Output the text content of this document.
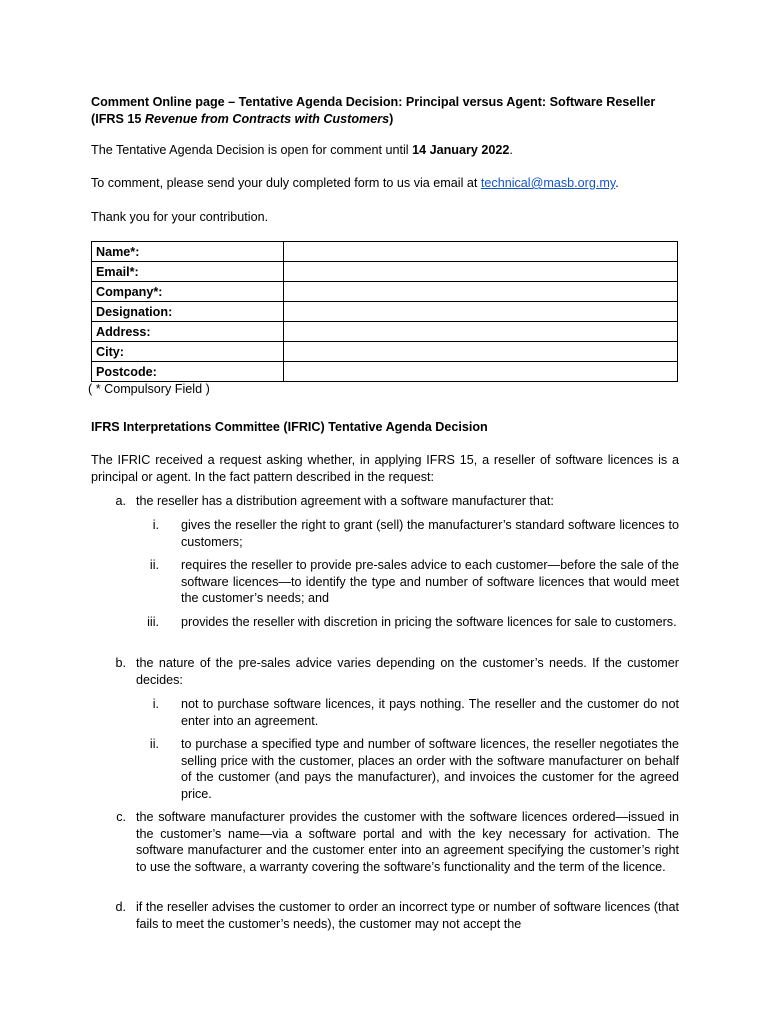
Comment Online page – Tentative Agenda Decision: Principal versus Agent: Software Reseller (IFRS 15 Revenue from Contracts with Customers)
The Tentative Agenda Decision is open for comment until 14 January 2022.
To comment, please send your duly completed form to us via email at technical@masb.org.my.
Thank you for your contribution.
Name*:	
Email*:	
Company*:	
Designation:	
Address:	
City:	
Postcode:	
( * Compulsory Field )
IFRS Interpretations Committee (IFRIC) Tentative Agenda Decision
The IFRIC received a request asking whether, in applying IFRS 15, a reseller of software licences is a principal or agent. In the fact pattern described in the request:
a. the reseller has a distribution agreement with a software manufacturer that:
i. gives the reseller the right to grant (sell) the manufacturer’s standard software licences to customers;
ii. requires the reseller to provide pre-sales advice to each customer—before the sale of the software licences—to identify the type and number of software licences that would meet the customer’s needs; and
iii. provides the reseller with discretion in pricing the software licences for sale to customers.
b. the nature of the pre-sales advice varies depending on the customer’s needs. If the customer decides:
i. not to purchase software licences, it pays nothing. The reseller and the customer do not enter into an agreement.
ii. to purchase a specified type and number of software licences, the reseller negotiates the selling price with the customer, places an order with the software manufacturer on behalf of the customer (and pays the manufacturer), and invoices the customer for the agreed price.
c. the software manufacturer provides the customer with the software licences ordered—issued in the customer’s name—via a software portal and with the key necessary for activation. The software manufacturer and the customer enter into an agreement specifying the customer’s right to use the software, a warranty covering the software’s functionality and the term of the licence.
d. if the reseller advises the customer to order an incorrect type or number of software licences (that fails to meet the customer’s needs), the customer may not accept the
